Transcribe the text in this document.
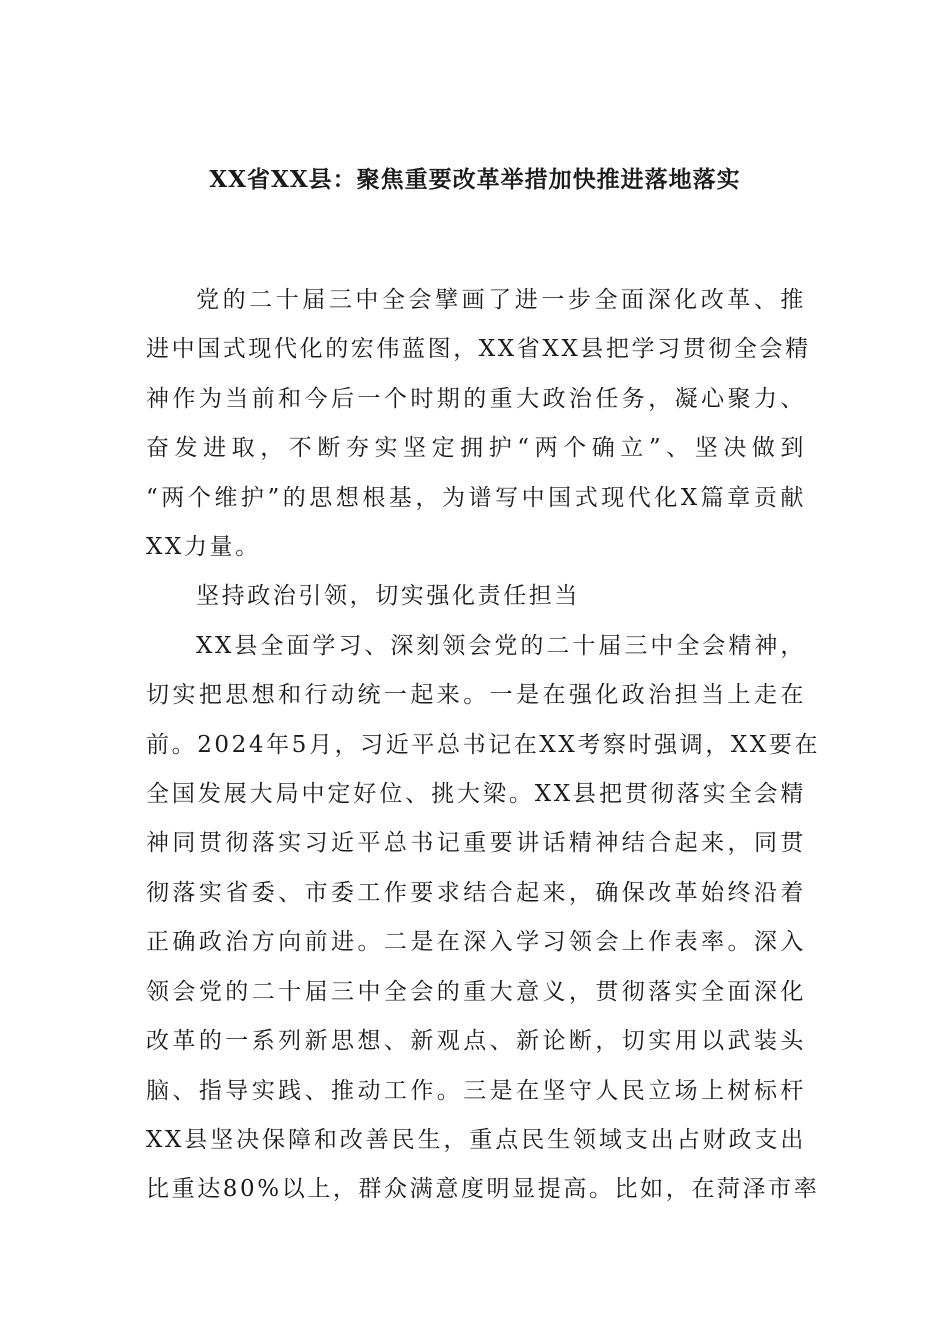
XX省XX县：聚焦重要改革举措加快推进落地落实
党的二十届三中全会擘画了进一步全面深化改革、推
进中国式现代化的宏伟蓝图，XX省XX县把学习贯彻全会精
神作为当前和今后一个时期的重大政治任务，凝心聚力、
奋发进取，不断夯实坚定拥护“两个确立”、坚决做到
“两个维护”的思想根基，为谱写中国式现代化X篇章贡献
XX力量。
坚持政治引领，切实强化责任担当
XX县全面学习、深刻领会党的二十届三中全会精神，
切实把思想和行动统一起来。一是在强化政治担当上走在
前。2024年5月，习近平总书记在XX考察时强调，XX要在
全国发展大局中定好位、挑大梁。XX县把贯彻落实全会精
神同贯彻落实习近平总书记重要讲话精神结合起来，同贯
彻落实省委、市委工作要求结合起来，确保改革始终沿着
正确政治方向前进。二是在深入学习领会上作表率。深入
领会党的二十届三中全会的重大意义，贯彻落实全面深化
改革的一系列新思想、新观点、新论断，切实用以武装头
脑、指导实践、推动工作。三是在坚守人民立场上树标杆
XX县坚决保障和改善民生，重点民生领域支出占财政支出
比重达80%以上，群众满意度明显提高。比如，在菏泽市率
